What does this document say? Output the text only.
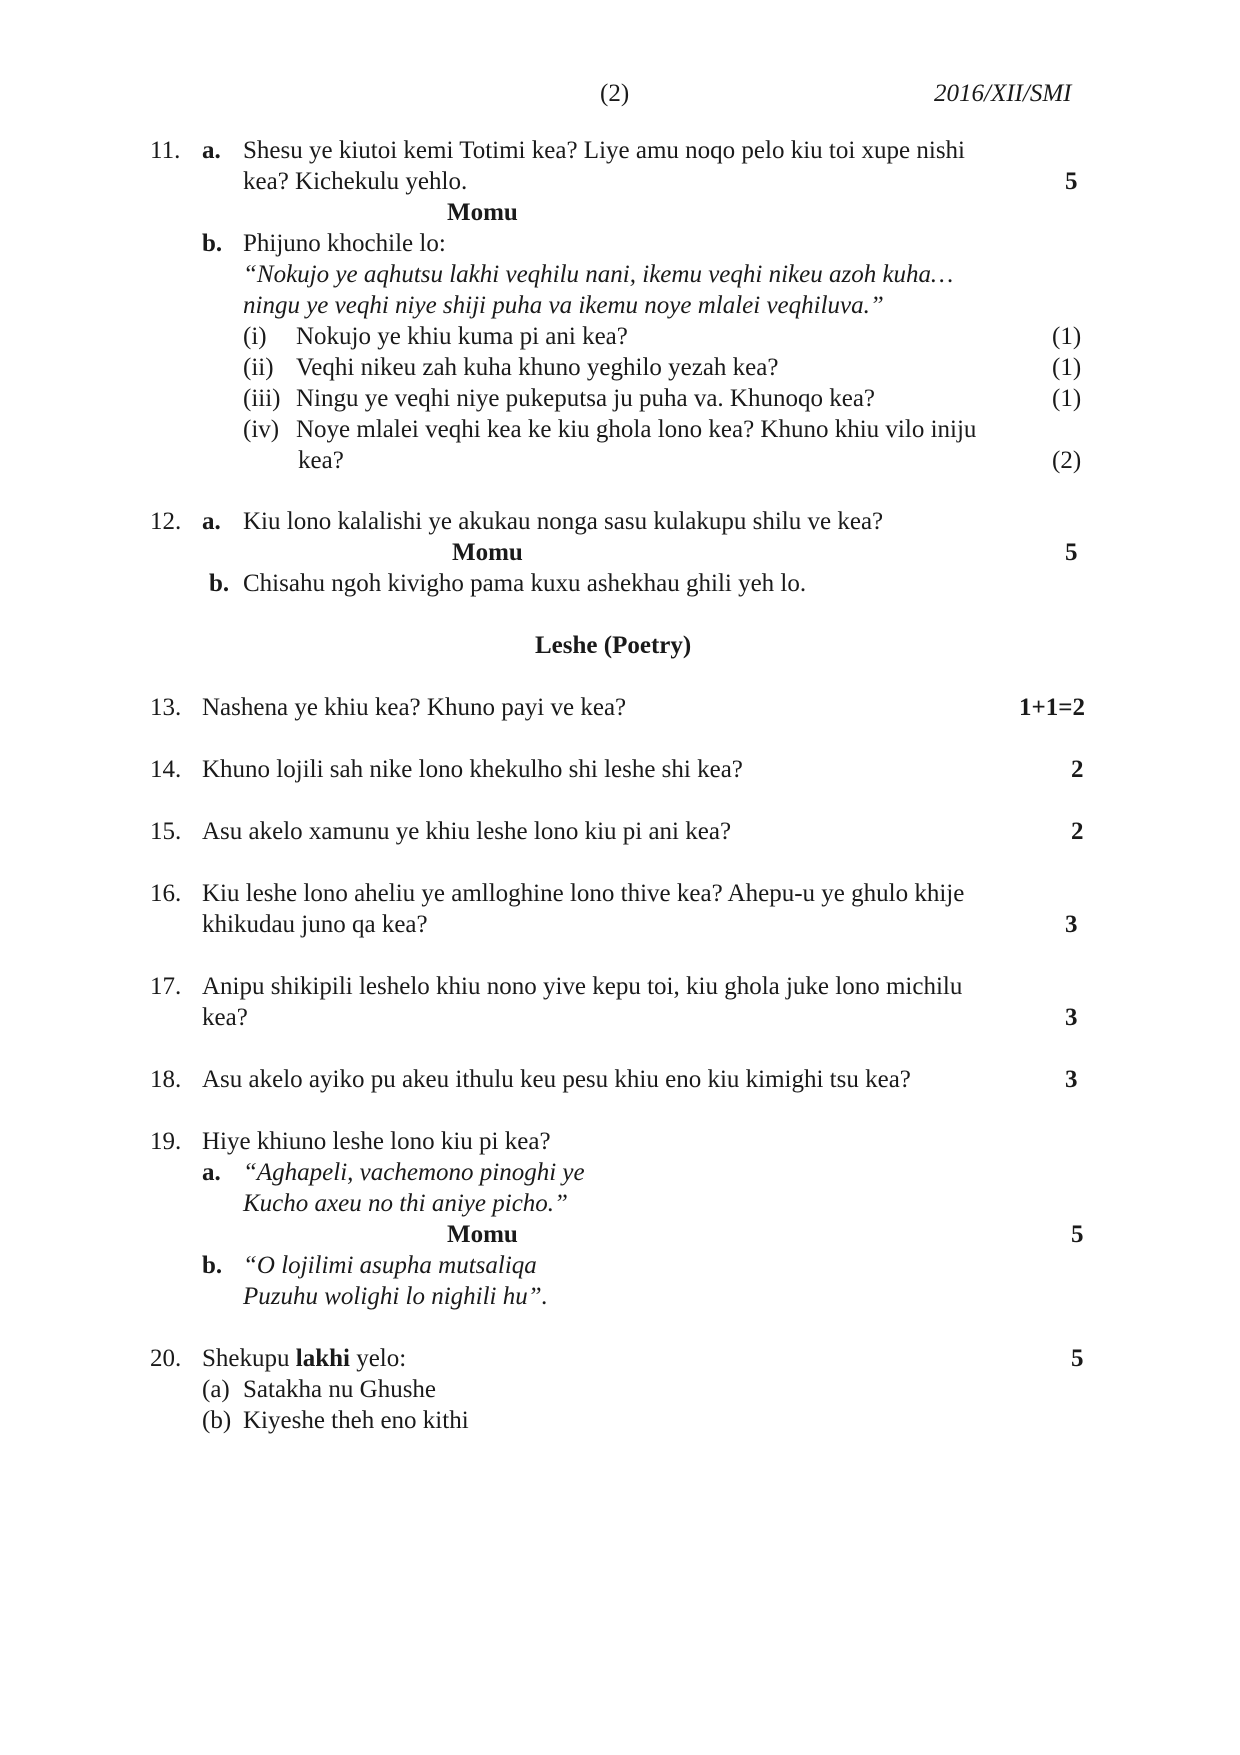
(2)	2016/XII/SMI
11. a. Shesu ye kiutoi kemi Totimi kea? Liye amu noqo pelo kiu toi xupe nishi
kea? Kichekulu yehlo.	5
Momu
b. Phijuno khochile lo:
“Nokujo ye aqhutsu lakhi veqhilu nani, ikemu veqhi nikeu azoh kuha…
ningu ye veqhi niye shiji puha va ikemu noye mlalei veqhiluva.”
(i) Nokujo ye khiu kuma pi ani kea?	(1)
(ii) Veqhi nikeu zah kuha khuno yeghilo yezah kea?	(1)
(iii) Ningu ye veqhi niye pukeputsa ju puha va. Khunoqo kea?	(1)
(iv) Noye mlalei veqhi kea ke kiu ghola lono kea? Khuno khiu vilo iniju
kea?	(2)
12. a. Kiu lono kalalishi ye akukau nonga sasu kulakupu shilu ve kea?
Momu	5
b. Chisahu ngoh kivigho pama kuxu ashekhau ghili yeh lo.
Leshe (Poetry)
13. Nashena ye khiu kea? Khuno payi ve kea?	1+1=2
14. Khuno lojili sah nike lono khekulho shi leshe shi kea?	2
15. Asu akelo xamunu ye khiu leshe lono kiu pi ani kea?	2
16. Kiu leshe lono aheliu ye amlloghine lono thive kea? Ahepu-u ye ghulo khije
khikudau juno qa kea?	3
17. Anipu shikipili leshelo khiu nono yive kepu toi, kiu ghola juke lono michilu
kea?	3
18. Asu akelo ayiko pu akeu ithulu keu pesu khiu eno kiu kimighi tsu kea?	3
19. Hiye khiuno leshe lono kiu pi kea?
a. “Aghapeli, vachemono pinoghi ye
Kucho axeu no thi aniye picho.”
Momu	5
b. “O lojilimi asupha mutsaliqa
Puzuhu wolighi lo nighili hu”.
20. Shekupu lakhi yelo:	5
(a) Satakha nu Ghushe
(b) Kiyeshe theh eno kithi
